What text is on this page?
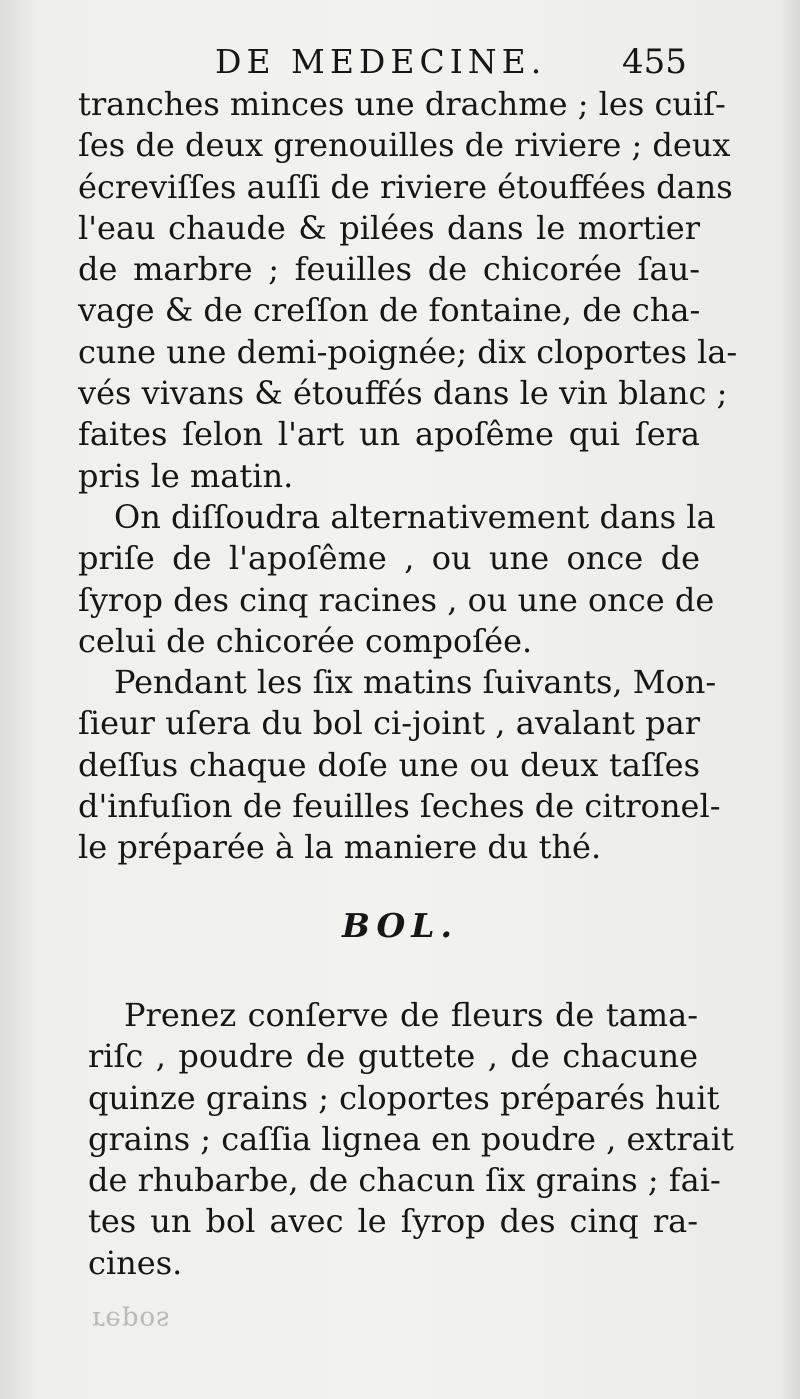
DE MEDECINE. 455
tranches minces une drachme ; les cuiſ-
ſes de deux grenouilles de riviere ; deux
écreviſſes auſſi de riviere étouffées dans
l'eau chaude & pilées dans le mortier
de marbre ; feuilles de chicorée ſau-
vage & de creſſon de fontaine, de cha-
cune une demi-poignée; dix cloportes la-
vés vivans & étouffés dans le vin blanc ;
faites ſelon l'art un apoſême qui ſera
pris le matin.
On diſſoudra alternativement dans la
priſe de l'apoſême , ou une once de
ſyrop des cinq racines , ou une once de
celui de chicorée compoſée.
Pendant les ſix matins ſuivants, Mon-
ſieur uſera du bol ci-joint , avalant par
deſſus chaque doſe une ou deux taſſes
d'infuſion de feuilles ſeches de citronel-
le préparée à la maniere du thé.
BOL.
Prenez conſerve de fleurs de tama-
riſc , poudre de guttete , de chacune
quinze grains ; cloportes préparés huit
grains ; caſſia lignea en poudre , extrait
de rhubarbe, de chacun ſix grains ; fai-
tes un bol avec le ſyrop des cinq ra-
cines.
repos
